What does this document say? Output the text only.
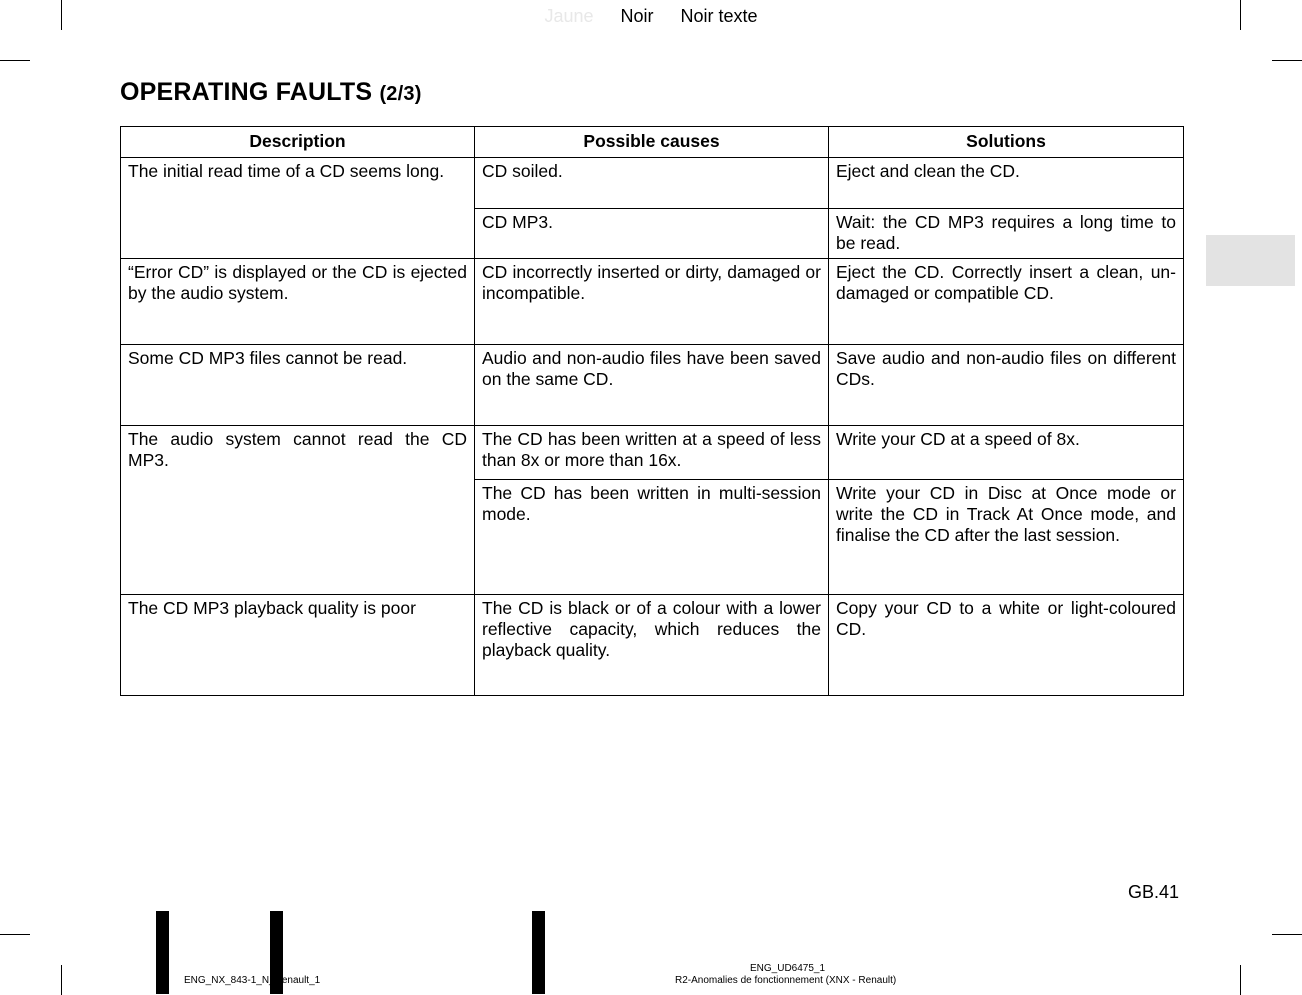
Jaune Noir Noir texte
OPERATING FAULTS (2/3)
Description	Possible causes	Solutions
The initial read time of a CD seems long.	CD soiled.	Eject and clean the CD.
	CD MP3.	Wait: the CD MP3 requires a long time to be read.
“Error CD” is displayed or the CD is ejected by the audio system.	CD incorrectly inserted or dirty, damaged or incompatible.	Eject the CD. Correctly insert a clean, undamaged or compatible CD.
Some CD MP3 files cannot be read.	Audio and non-audio files have been saved on the same CD.	Save audio and non-audio files on different CDs.
The audio system cannot read the CD MP3.	The CD has been written at a speed of less than 8x or more than 16x.	Write your CD at a speed of 8x.
	The CD has been written in multi-session mode.	Write your CD in Disc at Once mode or write the CD in Track At Once mode, and finalise the CD after the last session.
The CD MP3 playback quality is poor	The CD is black or of a colour with a lower reflective capacity, which reduces the playback quality.	Copy your CD to a white or light-coloured CD.
GB.41
ENG_NX_843-1_N_Renault_1
ENG_UD6475_1
R2-Anomalies de fonctionnement (XNX - Renault)
